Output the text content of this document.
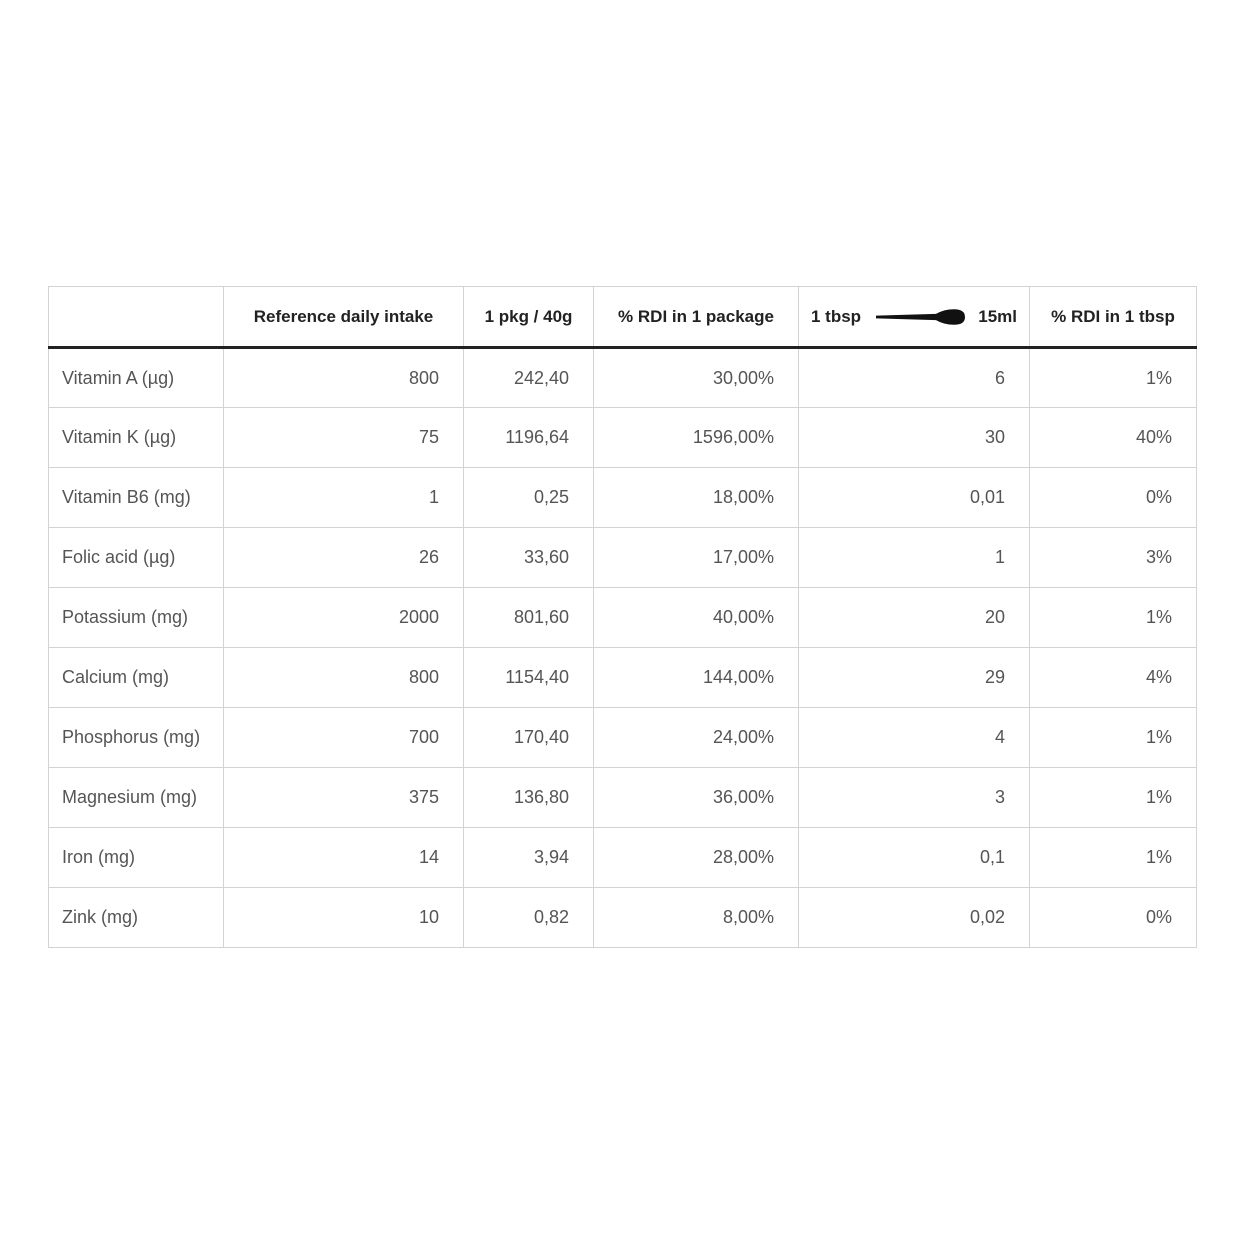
	Reference daily intake	1 pkg / 40g	% RDI in 1 package	1 tbsp 15ml	% RDI in 1 tbsp
Vitamin A (µg)	800	242,40	30,00%	6	1%
Vitamin K (µg)	75	1196,64	1596,00%	30	40%
Vitamin B6 (mg)	1	0,25	18,00%	0,01	0%
Folic acid (µg)	26	33,60	17,00%	1	3%
Potassium (mg)	2000	801,60	40,00%	20	1%
Calcium (mg)	800	1154,40	144,00%	29	4%
Phosphorus (mg)	700	170,40	24,00%	4	1%
Magnesium (mg)	375	136,80	36,00%	3	1%
Iron (mg)	14	3,94	28,00%	0,1	1%
Zink (mg)	10	0,82	8,00%	0,02	0%
